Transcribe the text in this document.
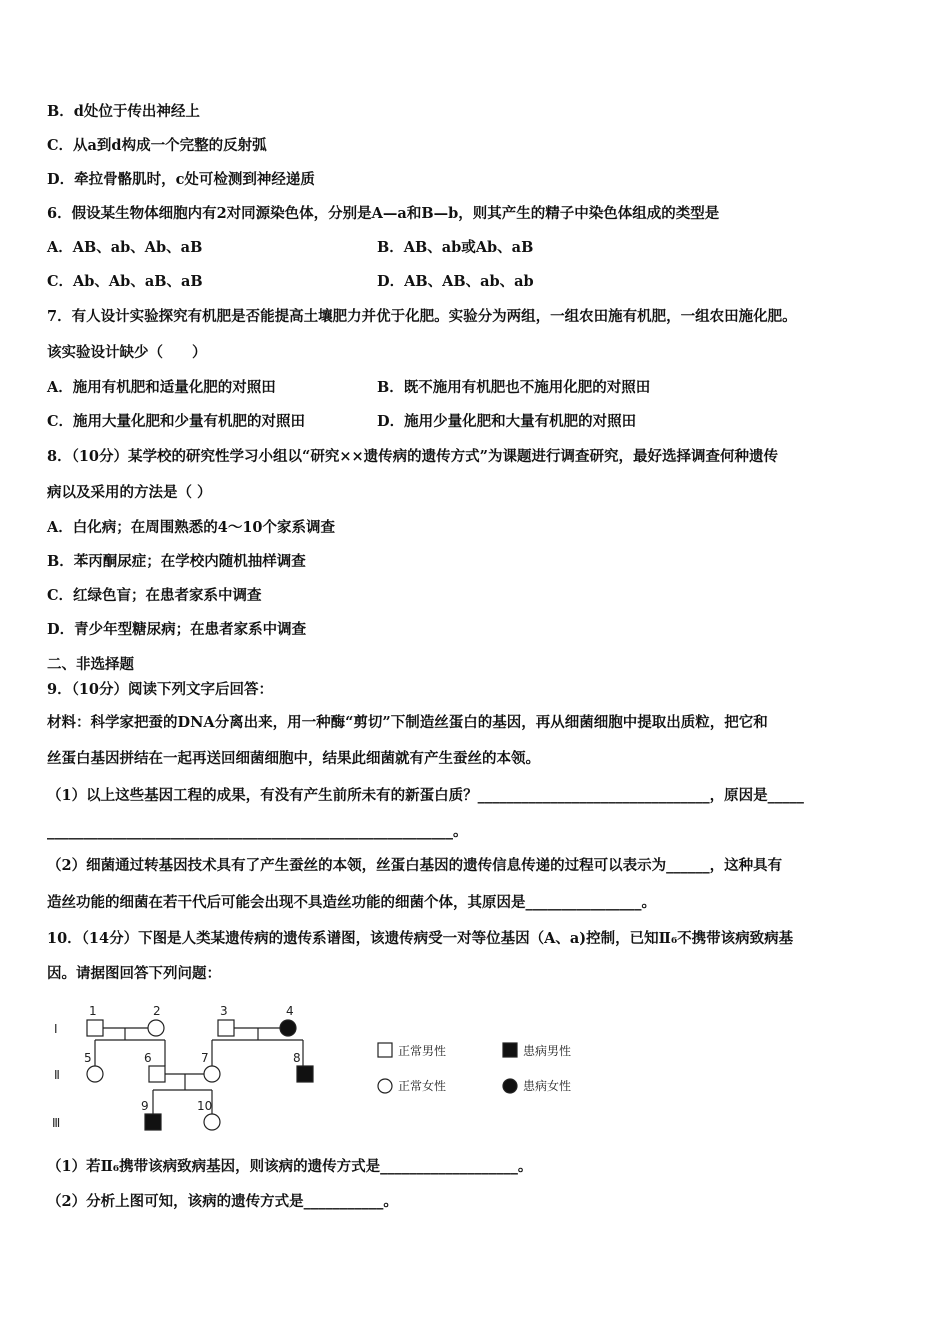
B．d处位于传出神经上
C．从a到d构成一个完整的反射弧
D．牵拉骨骼肌时，c处可检测到神经递质
6．假设某生物体细胞内有2对同源染色体，分别是A—a和B—b，则其产生的精子中染色体组成的类型是
A．AB、ab、Ab、aB	B．AB、ab或Ab、aB
C．Ab、Ab、aB、aB	D．AB、AB、ab、ab
7．有人设计实验探究有机肥是否能提高土壤肥力并优于化肥。实验分为两组，一组农田施有机肥，一组农田施化肥。
该实验设计缺少（　　）
A．施用有机肥和适量化肥的对照田	B．既不施用有机肥也不施用化肥的对照田
C．施用大量化肥和少量有机肥的对照田	D．施用少量化肥和大量有机肥的对照田
8．（10分）某学校的研究性学习小组以“研究××遗传病的遗传方式”为课题进行调查研究，最好选择调查何种遗传
病以及采用的方法是（ ）
A．白化病；在周围熟悉的4～10个家系调查
B．苯丙酮尿症；在学校内随机抽样调查
C．红绿色盲；在患者家系中调查
D．青少年型糖尿病；在患者家系中调查
二、非选择题
9．（10分）阅读下列文字后回答：
材料：科学家把蚕的DNA分离出来，用一种酶“剪切”下制造丝蛋白的基因，再从细菌细胞中提取出质粒，把它和
丝蛋白基因拼结在一起再送回细菌细胞中，结果此细菌就有产生蚕丝的本领。
（1）以上这些基因工程的成果，有没有产生前所未有的新蛋白质？________________________________，原因是_____
________________________________________________________。
（2）细菌通过转基因技术具有了产生蚕丝的本领，丝蛋白基因的遗传信息传递的过程可以表示为______，这种具有
造丝功能的细菌在若干代后可能会出现不具造丝功能的细菌个体，其原因是________________。
10．（14分）下图是人类某遗传病的遗传系谱图，该遗传病受一对等位基因（A、a)控制，已知Ⅱ₆不携带该病致病基
因。请据图回答下列问题：
Ⅰ
Ⅱ
Ⅲ
1	2	3	4
5	6	7	8
9	10
正常男性	患病男性
正常女性	患病女性
（1）若Ⅱ₆携带该病致病基因，则该病的遗传方式是___________________。
（2）分析上图可知，该病的遗传方式是___________。
